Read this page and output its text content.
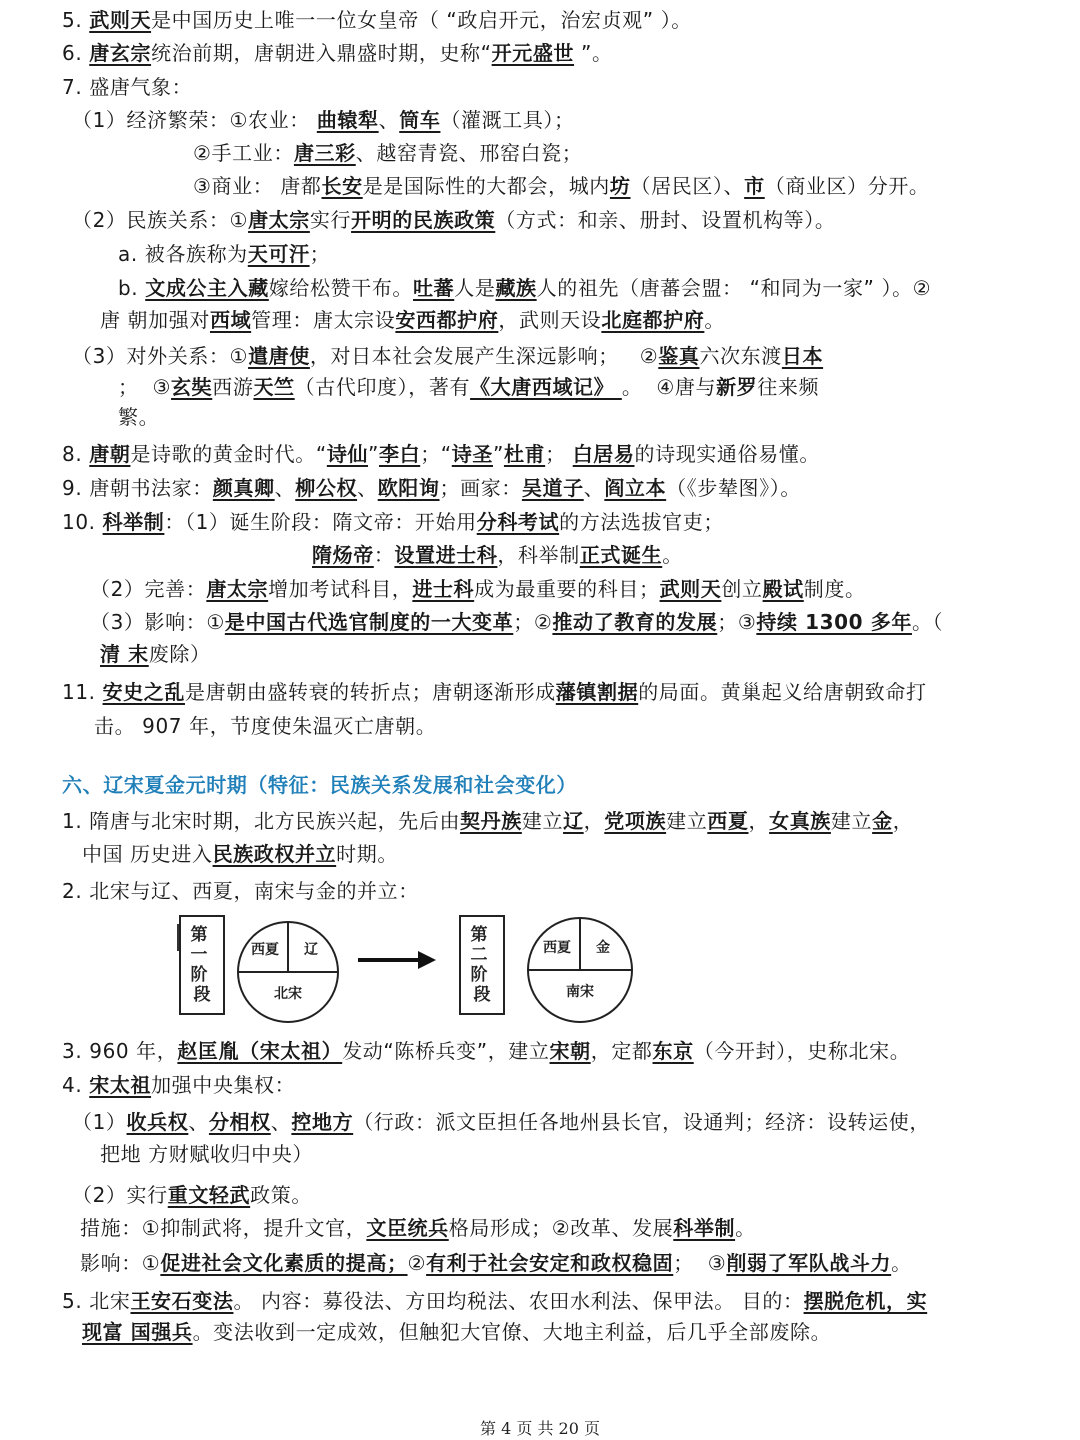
5. 武则天是中国历史上唯一一位女皇帝（ “政启开元，治宏贞观” ）。
6. 唐玄宗统治前期，唐朝进入鼎盛时期，史称“开元盛世 ”。
7. 盛唐气象：
（1）经济繁荣：①农业： 曲辕犁、筒车（灌溉工具）；
②手工业：唐三彩、越窑青瓷、邢窑白瓷；
③商业： 唐都长安是是国际性的大都会，城内坊（居民区）、市（商业区）分开。
（2）民族关系：①唐太宗实行开明的民族政策（方式：和亲、册封、设置机构等）。
a. 被各族称为天可汗；
b. 文成公主入藏嫁给松赞干布。吐蕃人是藏族人的祖先（唐蕃会盟： “和同为一家” ）。②
唐 朝加强对西域管理：唐太宗设安西都护府，武则天设北庭都护府。
（3）对外关系：①遣唐使，对日本社会发展产生深远影响；   ②鉴真六次东渡日本
；  ③玄奘西游天竺（古代印度），著有《大唐西域记》 。  ④唐与新罗往来频
繁。
8. 唐朝是诗歌的黄金时代。“诗仙”李白；“诗圣”杜甫； 白居易的诗现实通俗易懂。
9. 唐朝书法家：颜真卿、柳公权、欧阳询；画家：吴道子、阎立本（《步辇图》）。
10. 科举制：（1）诞生阶段：隋文帝：开始用分科考试的方法选拔官吏；
隋炀帝：设置进士科，科举制正式诞生。
（2）完善：唐太宗增加考试科目，进士科成为最重要的科目；武则天创立殿试制度。
（3）影响：①是中国古代选官制度的一大变革；②推动了教育的发展；③持续 1300 多年。（
清 末废除）
11. 安史之乱是唐朝由盛转衰的转折点；唐朝逐渐形成藩镇割据的局面。黄巢起义给唐朝致命打
击。 907 年，节度使朱温灭亡唐朝。
六、辽宋夏金元时期（特征：民族关系发展和社会变化）
1. 隋唐与北宋时期，北方民族兴起，先后由契丹族建立辽，党项族建立西夏，女真族建立金，
中国 历史进入民族政权并立时期。
2. 北宋与辽、西夏，南宋与金的并立：
3. 960 年，赵匡胤（宋太祖）发动“陈桥兵变”，建立宋朝，定都东京（今开封），史称北宋。
4. 宋太祖加强中央集权：
（1）收兵权、分相权、控地方（行政：派文臣担任各地州县长官，设通判；经济：设转运使，
把地 方财赋收归中央）
（2）实行重文轻武政策。
措施：①抑制武将，提升文官，文臣统兵格局形成；②改革、发展科举制。
影响：①促进社会文化素质的提高；②有利于社会安定和政权稳固；  ③削弱了军队战斗力。
5. 北宋王安石变法。 内容：募役法、方田均税法、农田水利法、保甲法。 目的：摆脱危机，实
现富 国强兵。变法收到一定成效，但触犯大官僚、大地主利益，后几乎全部废除。
第 一 阶 段
西夏 辽
北宋
第 二 阶 段
西夏 金
南宋
第 4 页 共 20 页
